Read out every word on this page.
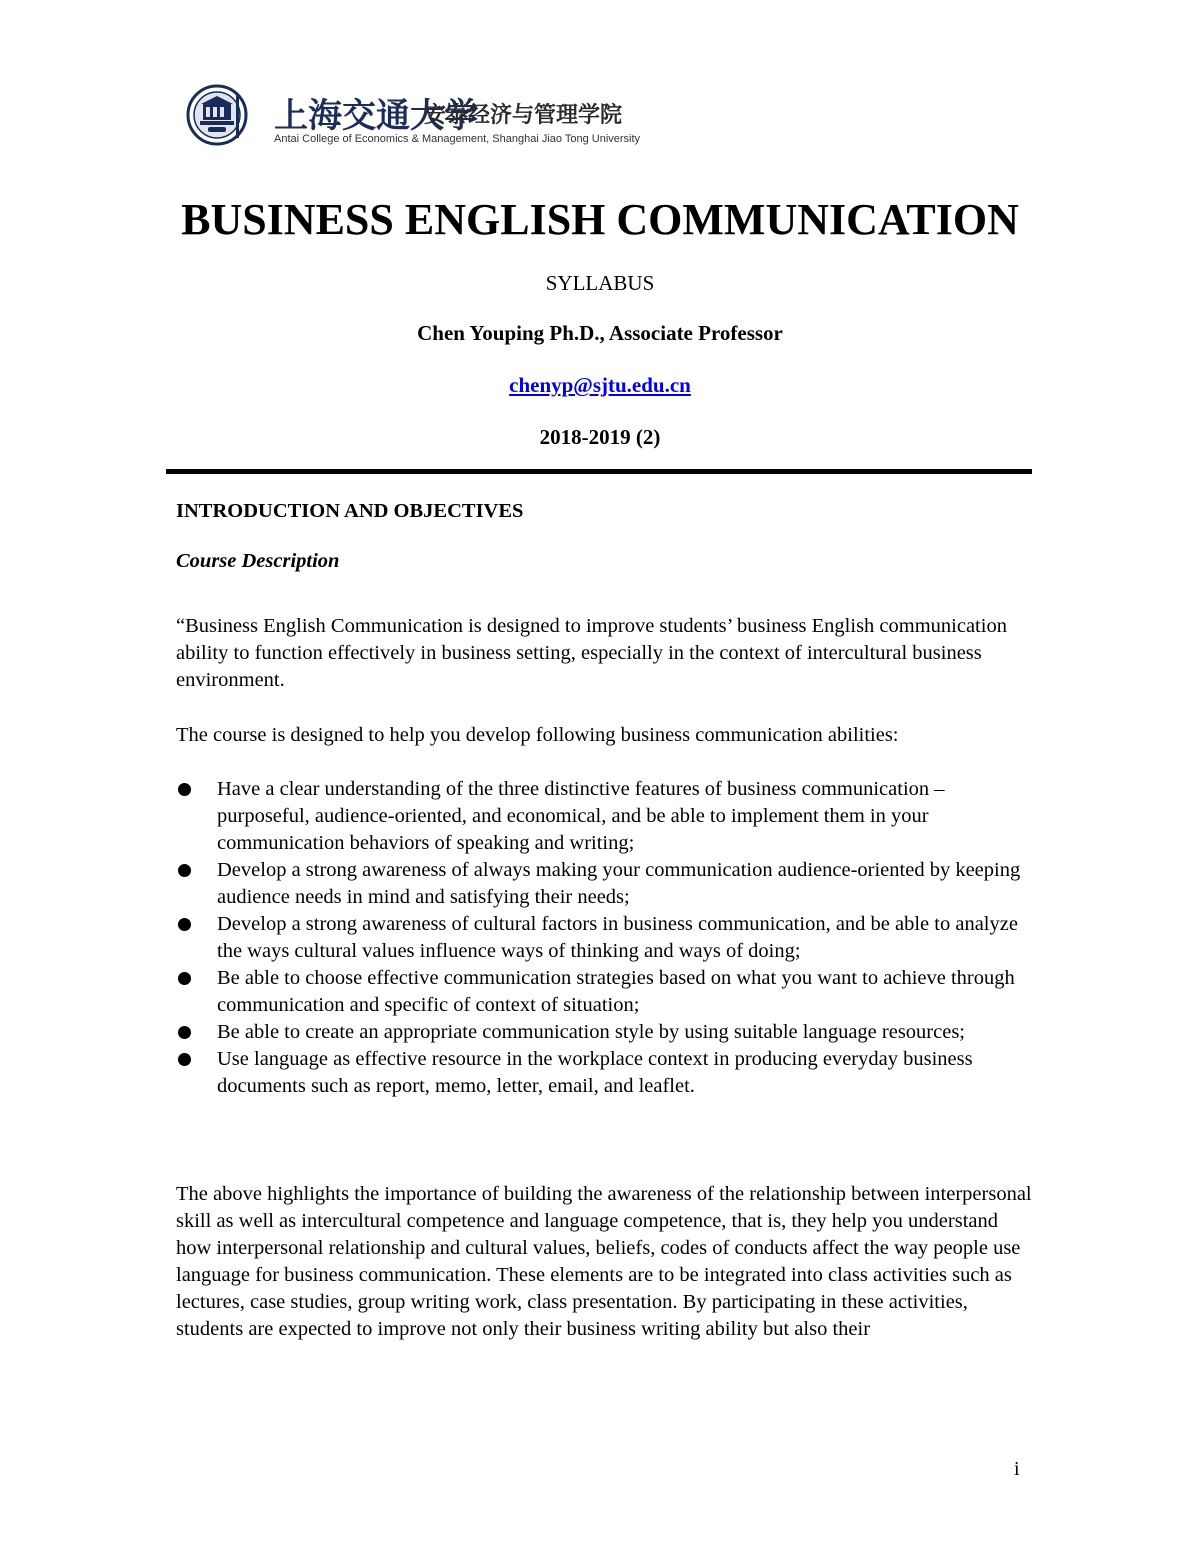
上海交通大学
安泰经济与管理学院
Antai College of Economics & Management, Shanghai Jiao Tong University
BUSINESS ENGLISH COMMUNICATION
SYLLABUS
Chen Youping Ph.D., Associate Professor
chenyp@sjtu.edu.cn
2018-2019 (2)
INTRODUCTION AND OBJECTIVES
Course Description
“Business English Communication is designed to improve students’ business English communication ability to function effectively in business setting, especially in the context of intercultural business environment.
The course is designed to help you develop following business communication abilities:
Have a clear understanding of the three distinctive features of business communication – purposeful, audience-oriented, and economical, and be able to implement them in your communication behaviors of speaking and writing;
Develop a strong awareness of always making your communication audience-oriented by keeping audience needs in mind and satisfying their needs;
Develop a strong awareness of cultural factors in business communication, and be able to analyze the ways cultural values influence ways of thinking and ways of doing;
Be able to choose effective communication strategies based on what you want to achieve through communication and specific of context of situation;
Be able to create an appropriate communication style by using suitable language resources;
Use language as effective resource in the workplace context in producing everyday business documents such as report, memo, letter, email, and leaflet.
The above highlights the importance of building the awareness of the relationship between interpersonal skill as well as intercultural competence and language competence, that is, they help you understand how interpersonal relationship and cultural values, beliefs, codes of conducts affect the way people use language for business communication. These elements are to be integrated into class activities such as lectures, case studies, group writing work, class presentation. By participating in these activities, students are expected to improve not only their business writing ability but also their
i
